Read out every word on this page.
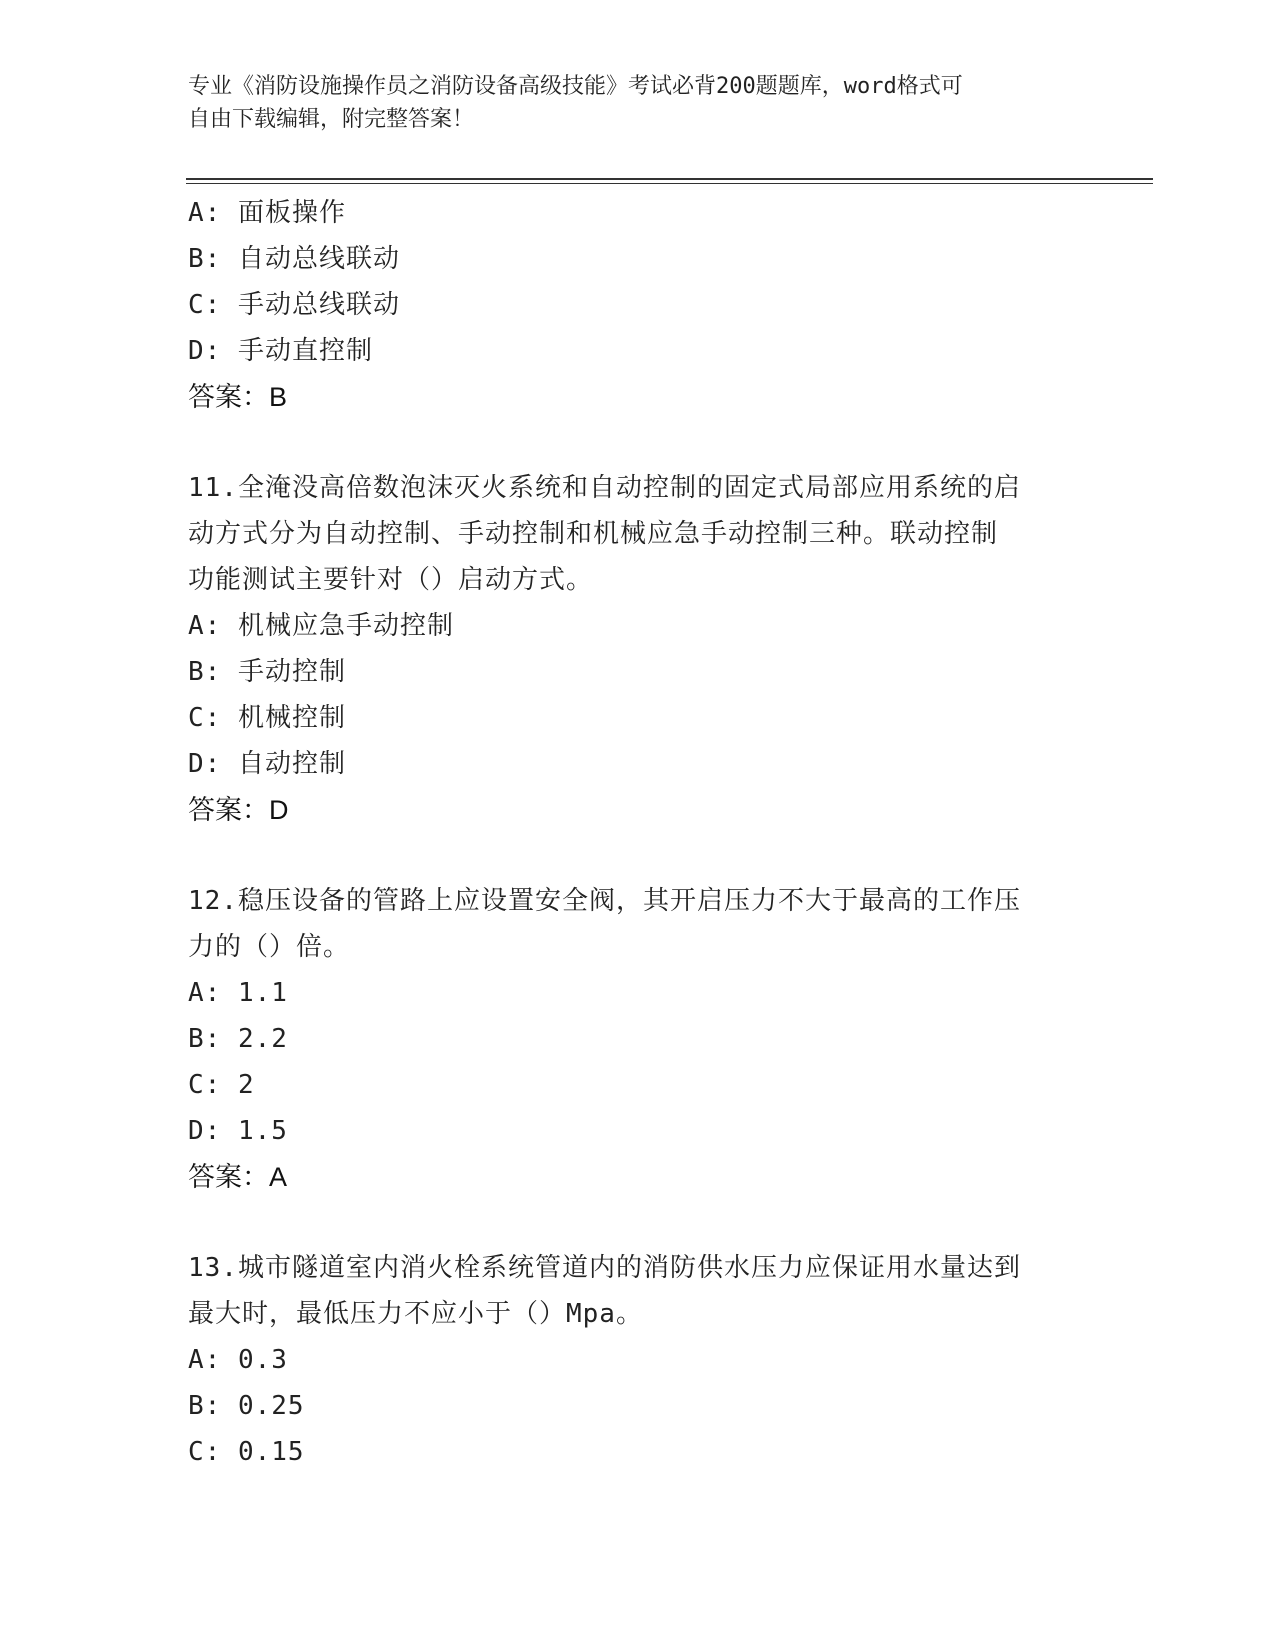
专业《消防设施操作员之消防设备高级技能》考试必背200题题库，word格式可
自由下载编辑，附完整答案！
A: 面板操作
B: 自动总线联动
C: 手动总线联动
D: 手动直控制
答案：B
11.全淹没高倍数泡沫灭火系统和自动控制的固定式局部应用系统的启
动方式分为自动控制、手动控制和机械应急手动控制三种。联动控制
功能测试主要针对（）启动方式。
A: 机械应急手动控制
B: 手动控制
C: 机械控制
D: 自动控制
答案：D
12.稳压设备的管路上应设置安全阀，其开启压力不大于最高的工作压
力的（）倍。
A: 1.1
B: 2.2
C: 2
D: 1.5
答案：A
13.城市隧道室内消火栓系统管道内的消防供水压力应保证用水量达到
最大时，最低压力不应小于（）Mpa。
A: 0.3
B: 0.25
C: 0.15
